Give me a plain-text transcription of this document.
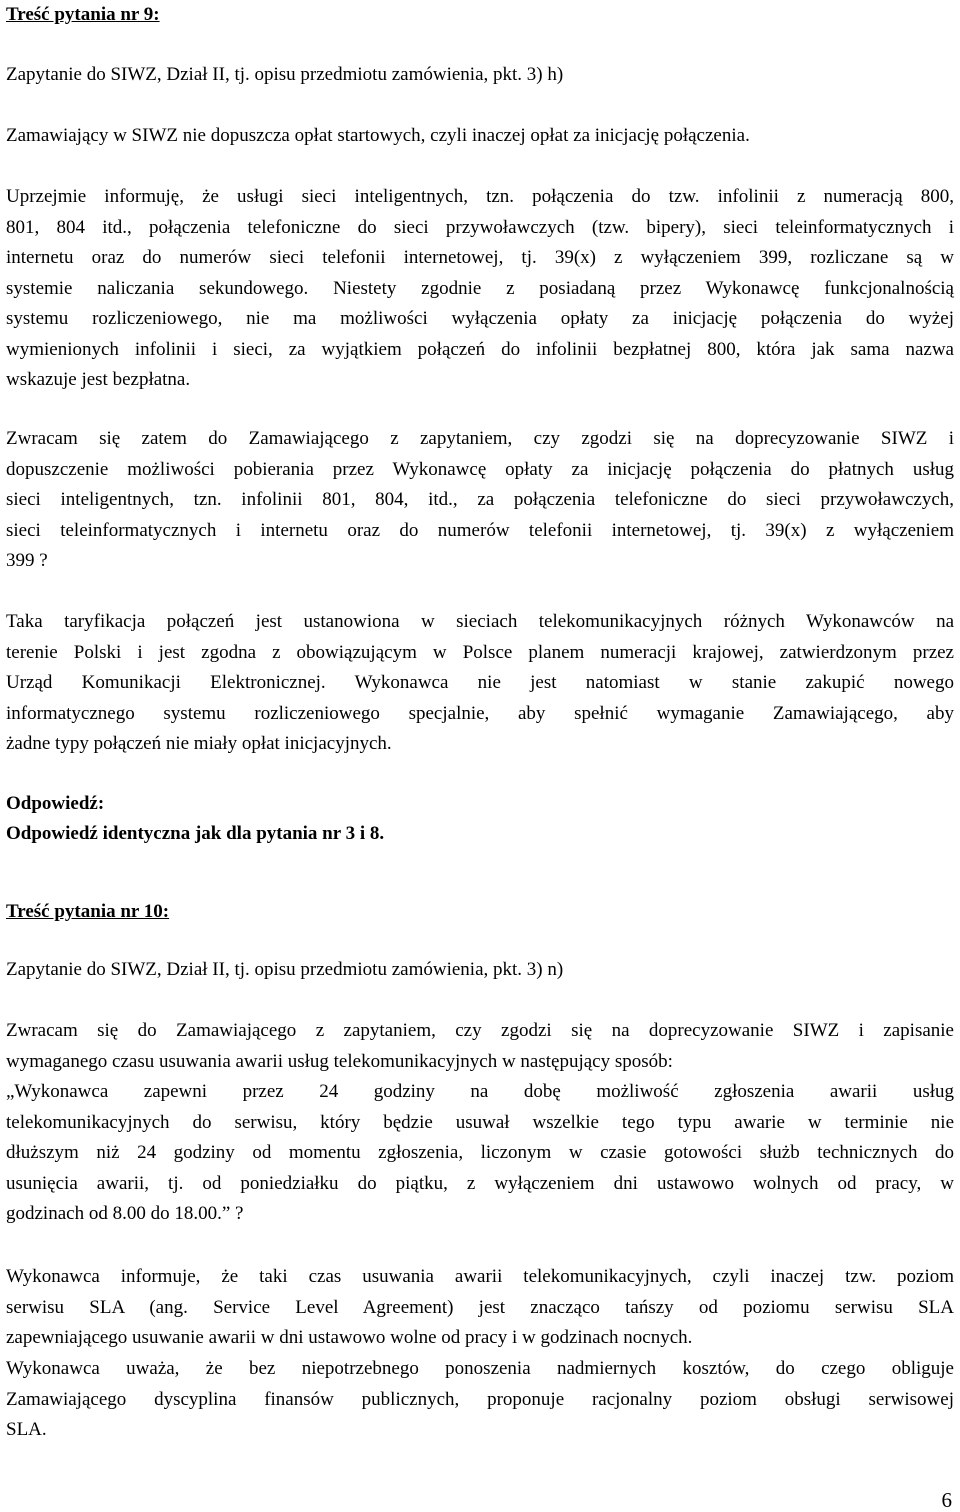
Treść pytania nr 9:
Zapytanie do SIWZ, Dział II, tj. opisu przedmiotu zamówienia, pkt. 3) h)
Zamawiający w SIWZ nie dopuszcza opłat startowych, czyli inaczej opłat za inicjację połączenia.
Uprzejmie informuję, że usługi sieci inteligentnych, tzn. połączenia do tzw. infolinii z numeracją 800,
801, 804 itd., połączenia telefoniczne do sieci przywoławczych (tzw. bipery), sieci teleinformatycznych i
internetu oraz do numerów sieci telefonii internetowej, tj. 39(x) z wyłączeniem 399, rozliczane są w
systemie naliczania sekundowego. Niestety zgodnie z posiadaną przez Wykonawcę funkcjonalnością
systemu rozliczeniowego, nie ma możliwości wyłączenia opłaty za inicjację połączenia do wyżej
wymienionych infolinii i sieci, za wyjątkiem połączeń do infolinii bezpłatnej 800, która jak sama nazwa
wskazuje jest bezpłatna.
Zwracam się zatem do Zamawiającego z zapytaniem, czy zgodzi się na doprecyzowanie SIWZ i
dopuszczenie możliwości pobierania przez Wykonawcę opłaty za inicjację połączenia do płatnych usług
sieci inteligentnych, tzn. infolinii 801, 804, itd., za połączenia telefoniczne do sieci przywoławczych,
sieci teleinformatycznych i internetu oraz do numerów telefonii internetowej, tj. 39(x) z wyłączeniem
399 ?
Taka taryfikacja połączeń jest ustanowiona w sieciach telekomunikacyjnych różnych Wykonawców na
terenie Polski i jest zgodna z obowiązującym w Polsce planem numeracji krajowej, zatwierdzonym przez
Urząd Komunikacji Elektronicznej. Wykonawca nie jest natomiast w stanie zakupić nowego
informatycznego systemu rozliczeniowego specjalnie, aby spełnić wymaganie Zamawiającego, aby
żadne typy połączeń nie miały opłat inicjacyjnych.
Odpowiedź:
Odpowiedź identyczna jak dla pytania nr 3 i 8.
Treść pytania nr 10:
Zapytanie do SIWZ, Dział II, tj. opisu przedmiotu zamówienia, pkt. 3) n)
Zwracam się do Zamawiającego z zapytaniem, czy zgodzi się na doprecyzowanie SIWZ i zapisanie
wymaganego czasu usuwania awarii usług telekomunikacyjnych w następujący sposób:
„Wykonawca zapewni przez 24 godziny na dobę możliwość zgłoszenia awarii usług
telekomunikacyjnych do serwisu, który będzie usuwał wszelkie tego typu awarie w terminie nie
dłuższym niż 24 godziny od momentu zgłoszenia, liczonym w czasie gotowości służb technicznych do
usunięcia awarii, tj. od poniedziałku do piątku, z wyłączeniem dni ustawowo wolnych od pracy, w
godzinach od 8.00 do 18.00.” ?
Wykonawca informuje, że taki czas usuwania awarii telekomunikacyjnych, czyli inaczej tzw. poziom
serwisu SLA (ang. Service Level Agreement) jest znacząco tańszy od poziomu serwisu SLA
zapewniającego usuwanie awarii w dni ustawowo wolne od pracy i w godzinach nocnych.
Wykonawca uważa, że bez niepotrzebnego ponoszenia nadmiernych kosztów, do czego obliguje
Zamawiającego dyscyplina finansów publicznych, proponuje racjonalny poziom obsługi serwisowej
SLA.
6
